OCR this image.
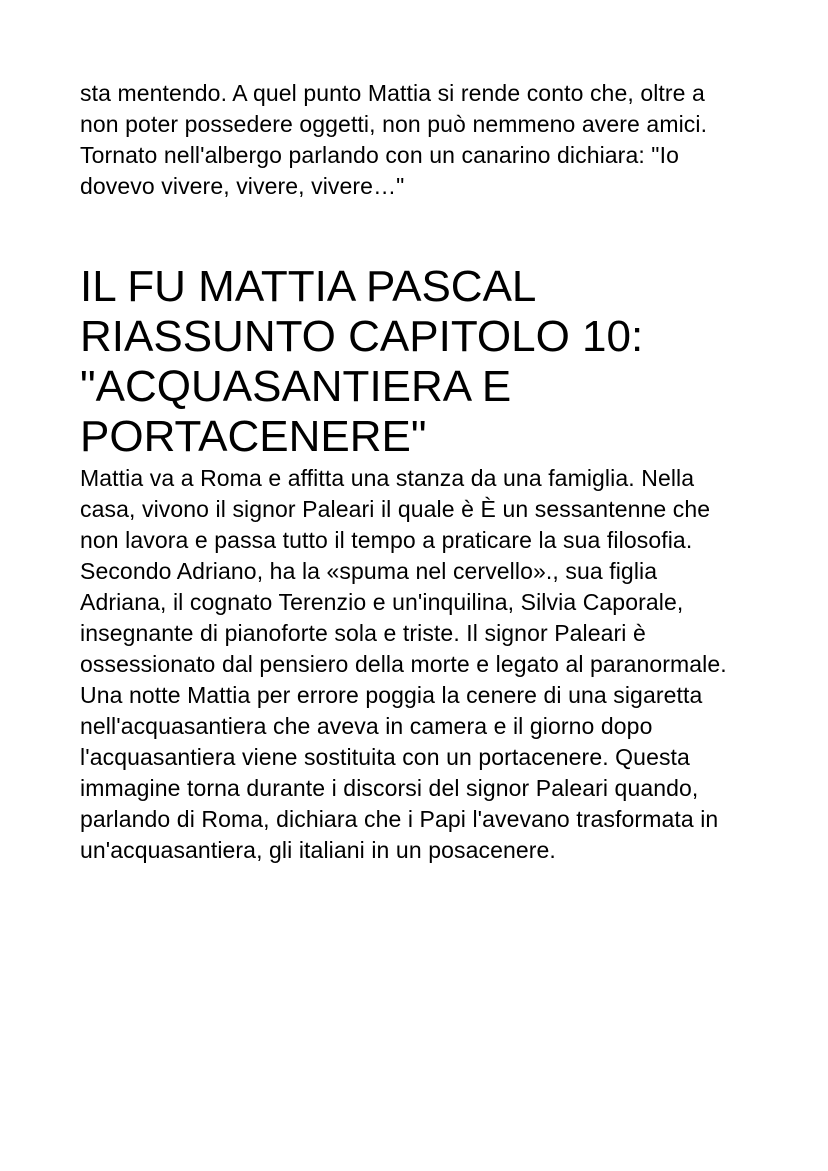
sta mentendo. A quel punto Mattia si rende conto che, oltre a non poter possedere oggetti, non può nemmeno avere amici. Tornato nell'albergo parlando con un canarino dichiara: "Io dovevo vivere, vivere, vivere…"

IL FU MATTIA PASCAL RIASSUNTO CAPITOLO 10: "ACQUASANTIERA E PORTACENERE"

Mattia va a Roma e affitta una stanza da una famiglia. Nella casa, vivono il signor Paleari il quale è È un sessantenne che non lavora e passa tutto il tempo a praticare la sua filosofia. Secondo Adriano, ha la «spuma nel cervello»., sua figlia Adriana, il cognato Terenzio e un'inquilina, Silvia Caporale, insegnante di pianoforte sola e triste. Il signor Paleari è ossessionato dal pensiero della morte e legato al paranormale. Una notte Mattia per errore poggia la cenere di una sigaretta nell'acquasantiera che aveva in camera e il giorno dopo l'acquasantiera viene sostituita con un portacenere. Questa immagine torna durante i discorsi del signor Paleari quando, parlando di Roma, dichiara che i Papi l'avevano trasformata in un'acquasantiera, gli italiani in un posacenere.
